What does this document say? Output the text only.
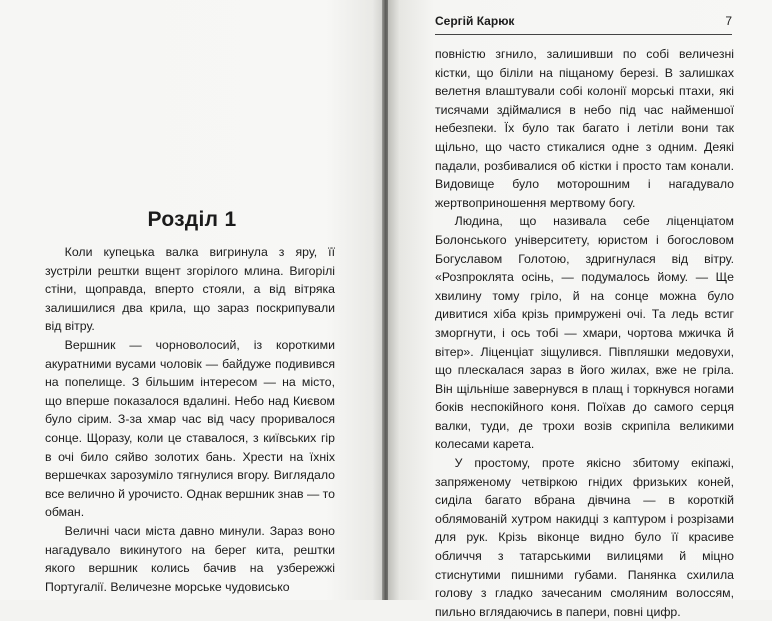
Розділ 1

Коли купецька валка вигринула з яру, її зустріли рештки вщент згорілого млина. Вигорілі стіни, щоправда, вперто стояли, а від вітряка залишилися два крила, що зараз поскрипували від вітру.

Вершник — чорноволосий, із короткими акуратними вусами чоловік — байдуже подивився на попелище. З більшим інтересом — на місто, що вперше показалося вдалині. Небо над Києвом було сірим. З-за хмар час від часу проривалося сонце. Щоразу, коли це ставалося, з київських гір в очі било сяйво золотих бань. Хрести на їхніх вершечках зарозуміло тягнулися вгору. Виглядало все велично й урочисто. Однак вершник знав — то обман.

Величні часи міста давно минули. Зараз воно нагадувало викинутого на берег кита, рештки якого вершник колись бачив на узбережжі Португалії. Величезне морське чудовисько

Сергій Карюк	7

повністю згнило, залишивши по собі величезні кістки, що біліли на піщаному березі. В залишках велетня влаштували собі колонії морські птахи, які тисячами здіймалися в небо під час найменшої небезпеки. Їх було так багато і летіли вони так щільно, що часто стикалися одне з одним. Деякі падали, розбивалися об кістки і просто там конали. Видовище було моторошним і нагадувало жертвоприношення мертвому богу.

Людина, що називала себе ліценціатом Болонського університету, юристом і богословом Богуславом Голотою, здригнулася від вітру. «Розпроклята осінь, — подумалось йому. — Ще хвилину тому гріло, й на сонце можна було дивитися хіба крізь примружені очі. Та ледь встиг зморгнути, і ось тобі — хмари, чортова мжичка й вітер». Ліценціат зіщулився. Півпляшки медовухи, що плескалася зараз в його жилах, вже не гріла. Він щільніше завернувся в плащ і торкнувся ногами боків неспокійного коня. Поїхав до самого серця валки, туди, де трохи возів скрипіла великими колесами карета.

У простому, проте якісно збитому екіпажі, запряженому четвіркою гнідих фризьких коней, сиділа багато вбрана дівчина — в короткій облямованій хутром накидці з каптуром і розрізами для рук. Крізь віконце видно було її красиве обличчя з татарськими вилицями й міцно стиснутими пишними губами. Панянка схилила голову з гладко зачесаним смоляним волоссям, пильно вглядаючись в папери, повні цифр.
